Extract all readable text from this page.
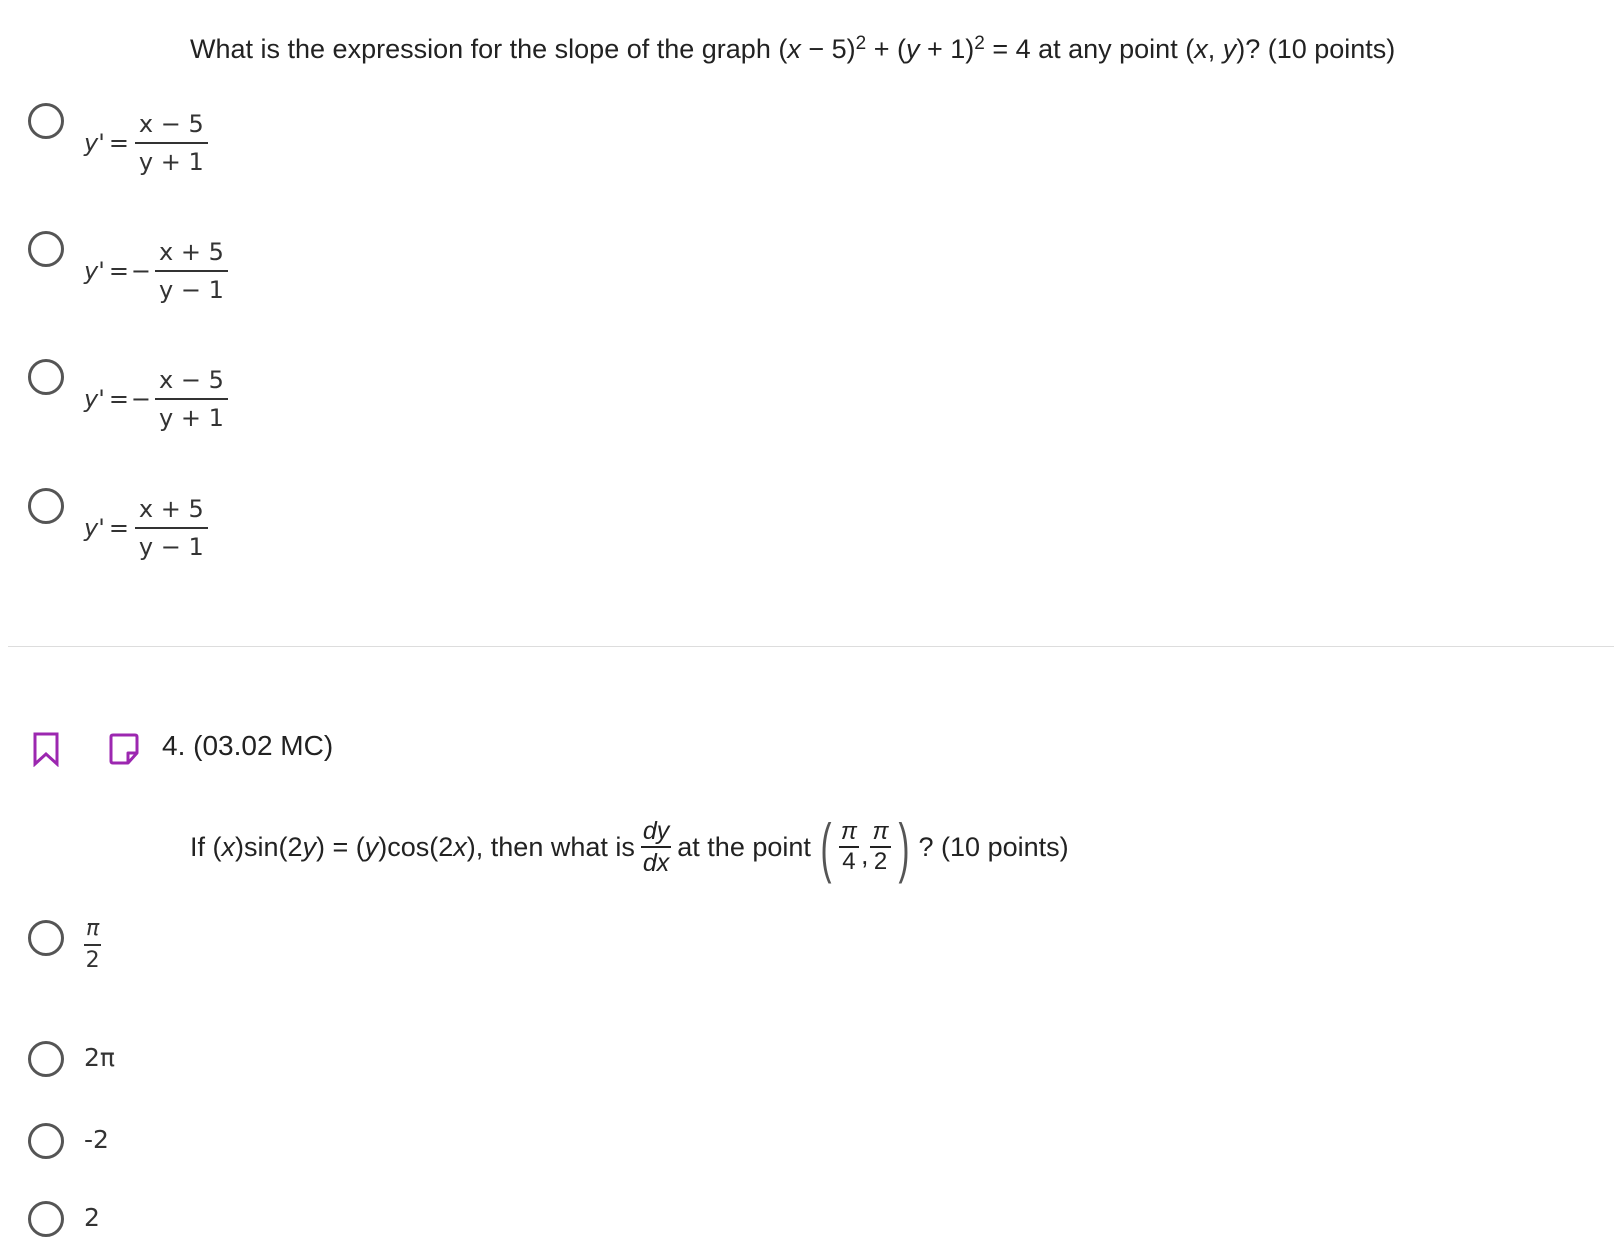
What is the expression for the slope of the graph $(x - 5)^2 + (y + 1)^2 = 4$ at any point (x, y)? (10 points)
$y' = \frac{x - 5}{y + 1}$
y' = − $\frac{x + 5}{y - 1}$
y' = − $\frac{x - 5}{y + 1}$
$y' = \frac{x + 5}{y - 1}$
4. (03.02 MC)
If ( x )sin(2 y ) = ( y )cos(2 x ), then what is $\frac{dy}{dx}$ at the point ( π
4 ,
π
2 ) ? (10 points)
$\frac{\pi}{2}$
2π
-2
2
